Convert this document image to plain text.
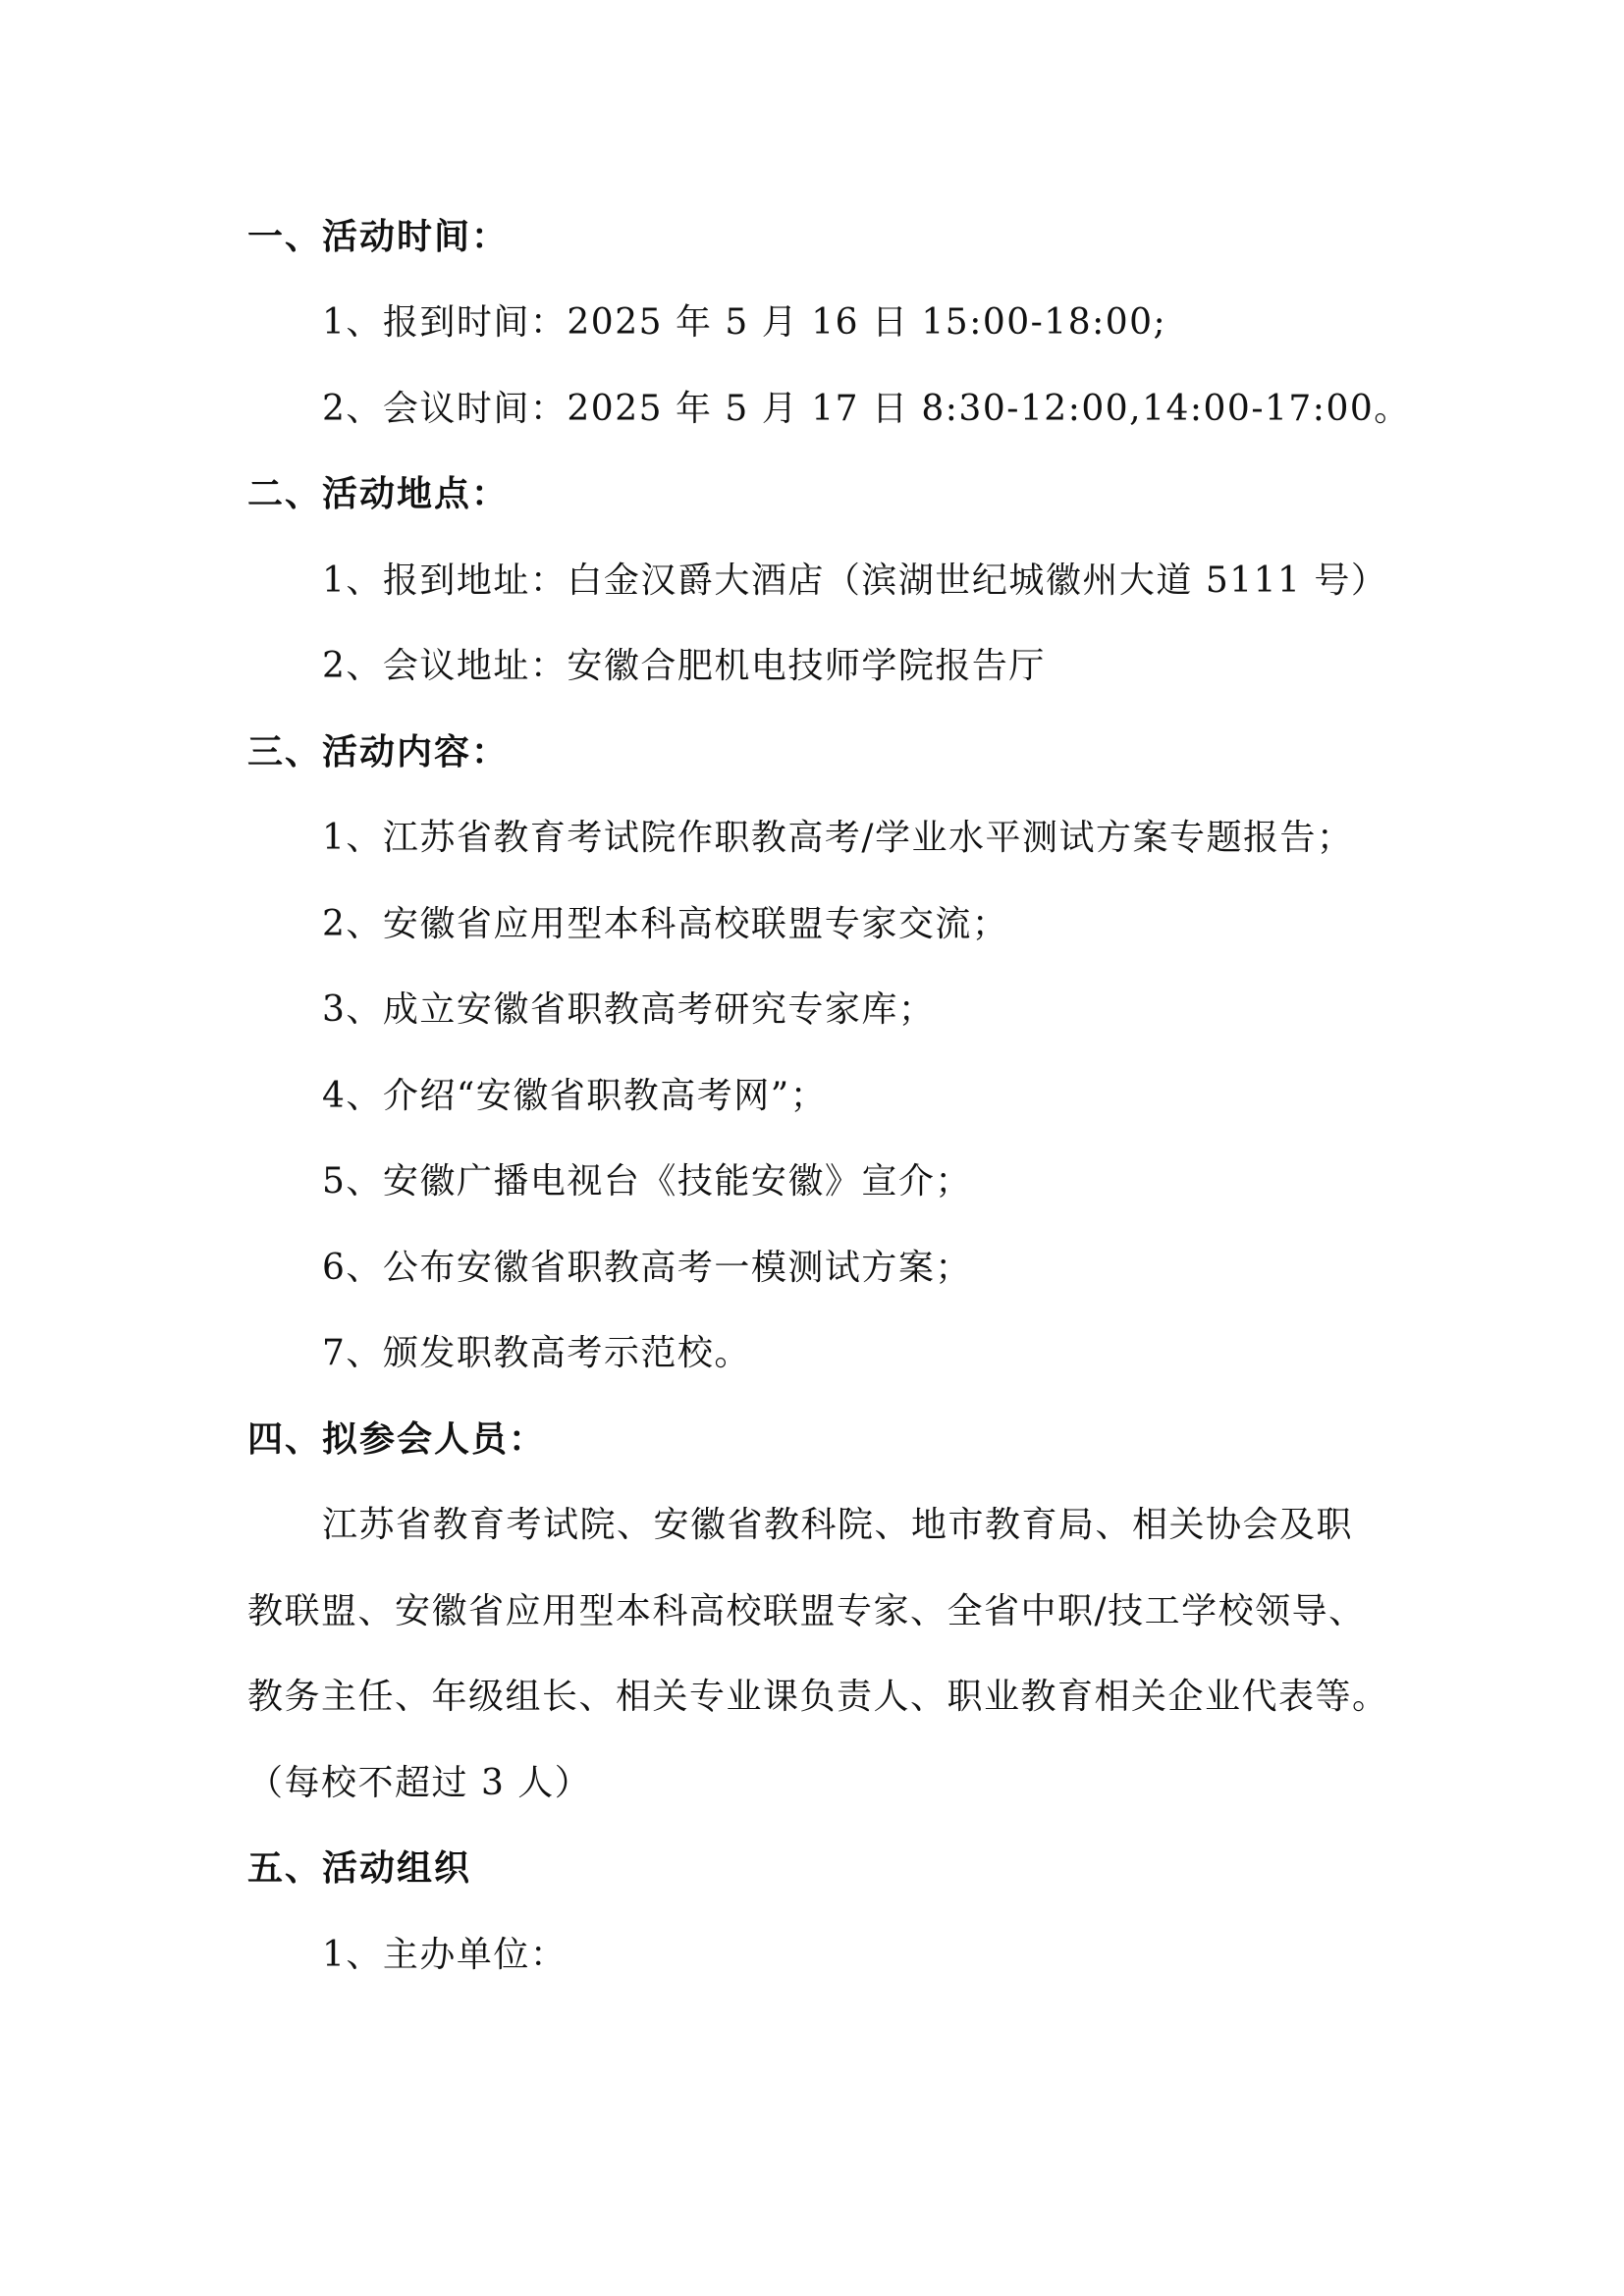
一、活动时间：
1、报到时间：2025 年 5 月 16 日 15:00-18:00;
2、会议时间：2025 年 5 月 17 日 8:30-12:00,14:00-17:00。
二、活动地点：
1、报到地址：白金汉爵大酒店（滨湖世纪城徽州大道 5111 号）
2、会议地址：安徽合肥机电技师学院报告厅
三、活动内容：
1、江苏省教育考试院作职教高考/学业水平测试方案专题报告；
2、安徽省应用型本科高校联盟专家交流；
3、成立安徽省职教高考研究专家库；
4、介绍“安徽省职教高考网”；
5、安徽广播电视台《技能安徽》宣介；
6、公布安徽省职教高考一模测试方案；
7、颁发职教高考示范校。
四、拟参会人员：
江苏省教育考试院、安徽省教科院、地市教育局、相关协会及职
教联盟、安徽省应用型本科高校联盟专家、全省中职/技工学校领导、
教务主任、年级组长、相关专业课负责人、职业教育相关企业代表等。
（每校不超过 3 人）
五、活动组织
1、主办单位：
